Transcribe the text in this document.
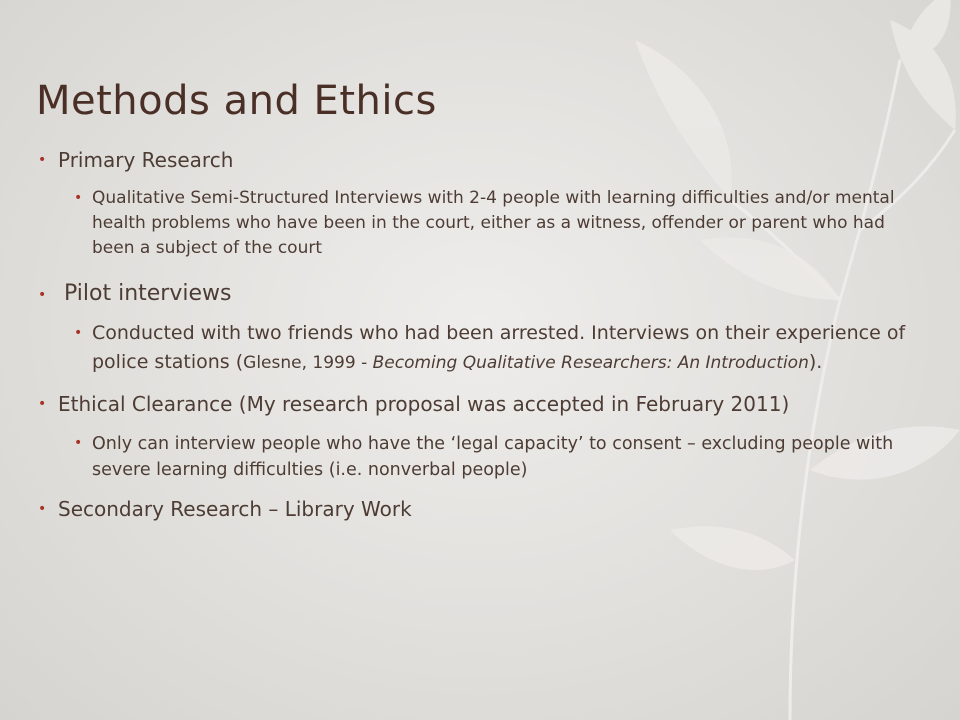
Methods and Ethics
• Primary Research
• Qualitative Semi-Structured Interviews with 2-4 people with learning difficulties and/or mental health problems who have been in the court, either as a witness, offender or parent who had been a subject of the court
• Pilot interviews
• Conducted with two friends who had been arrested. Interviews on their experience of police stations (Glesne, 1999 - Becoming Qualitative Researchers: An Introduction).
• Ethical Clearance (My research proposal was accepted in February 2011)
• Only can interview people who have the ‘legal capacity’ to consent – excluding people with severe learning difficulties (i.e. nonverbal people)
• Secondary Research – Library Work
